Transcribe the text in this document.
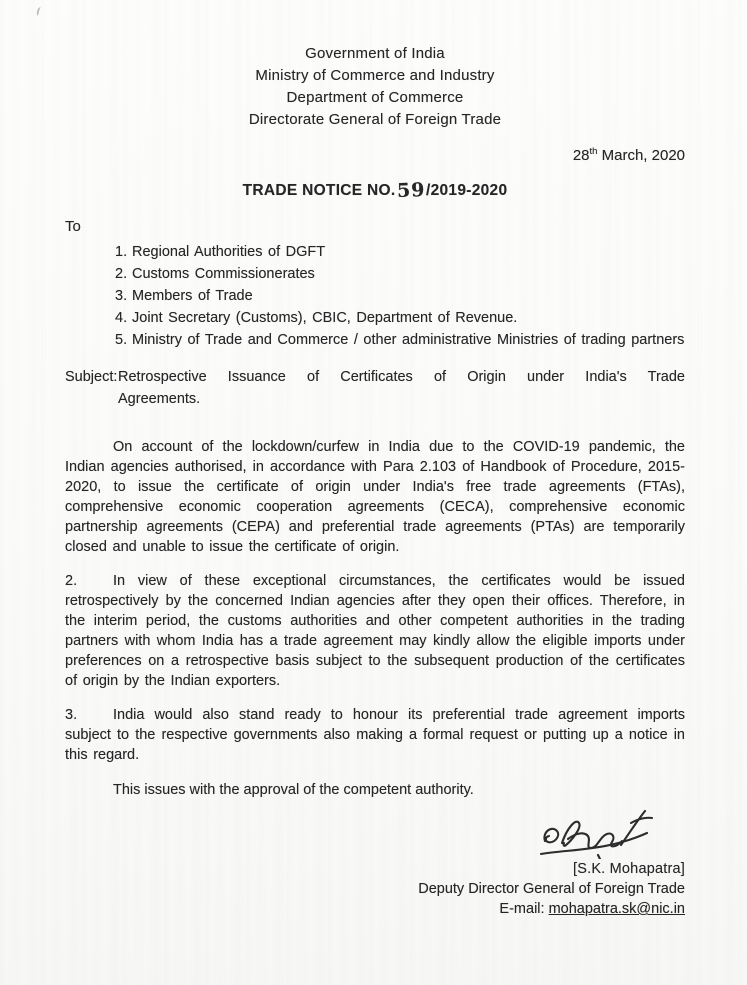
Government of India
Ministry of Commerce and Industry
Department of Commerce
Directorate General of Foreign Trade
28th March, 2020
TRADE NOTICE NO.59/2019-2020
To
1. Regional Authorities of DGFT
2. Customs Commissionerates
3. Members of Trade
4. Joint Secretary (Customs), CBIC, Department of Revenue.
5. Ministry of Trade and Commerce / other administrative Ministries of trading partners
Subject: Retrospective Issuance of Certificates of Origin under India's Trade Agreements.

On account of the lockdown/curfew in India due to the COVID-19 pandemic, the Indian agencies authorised, in accordance with Para 2.103 of Handbook of Procedure, 2015-2020, to issue the certificate of origin under India's free trade agreements (FTAs), comprehensive economic cooperation agreements (CECA), comprehensive economic partnership agreements (CEPA) and preferential trade agreements (PTAs) are temporarily closed and unable to issue the certificate of origin.

2. In view of these exceptional circumstances, the certificates would be issued retrospectively by the concerned Indian agencies after they open their offices. Therefore, in the interim period, the customs authorities and other competent authorities in the trading partners with whom India has a trade agreement may kindly allow the eligible imports under preferences on a retrospective basis subject to the subsequent production of the certificates of origin by the Indian exporters.

3. India would also stand ready to honour its preferential trade agreement imports subject to the respective governments also making a formal request or putting up a notice in this regard.

This issues with the approval of the competent authority.
[S.K. Mohapatra]
Deputy Director General of Foreign Trade
E-mail: mohapatra.sk@nic.in
